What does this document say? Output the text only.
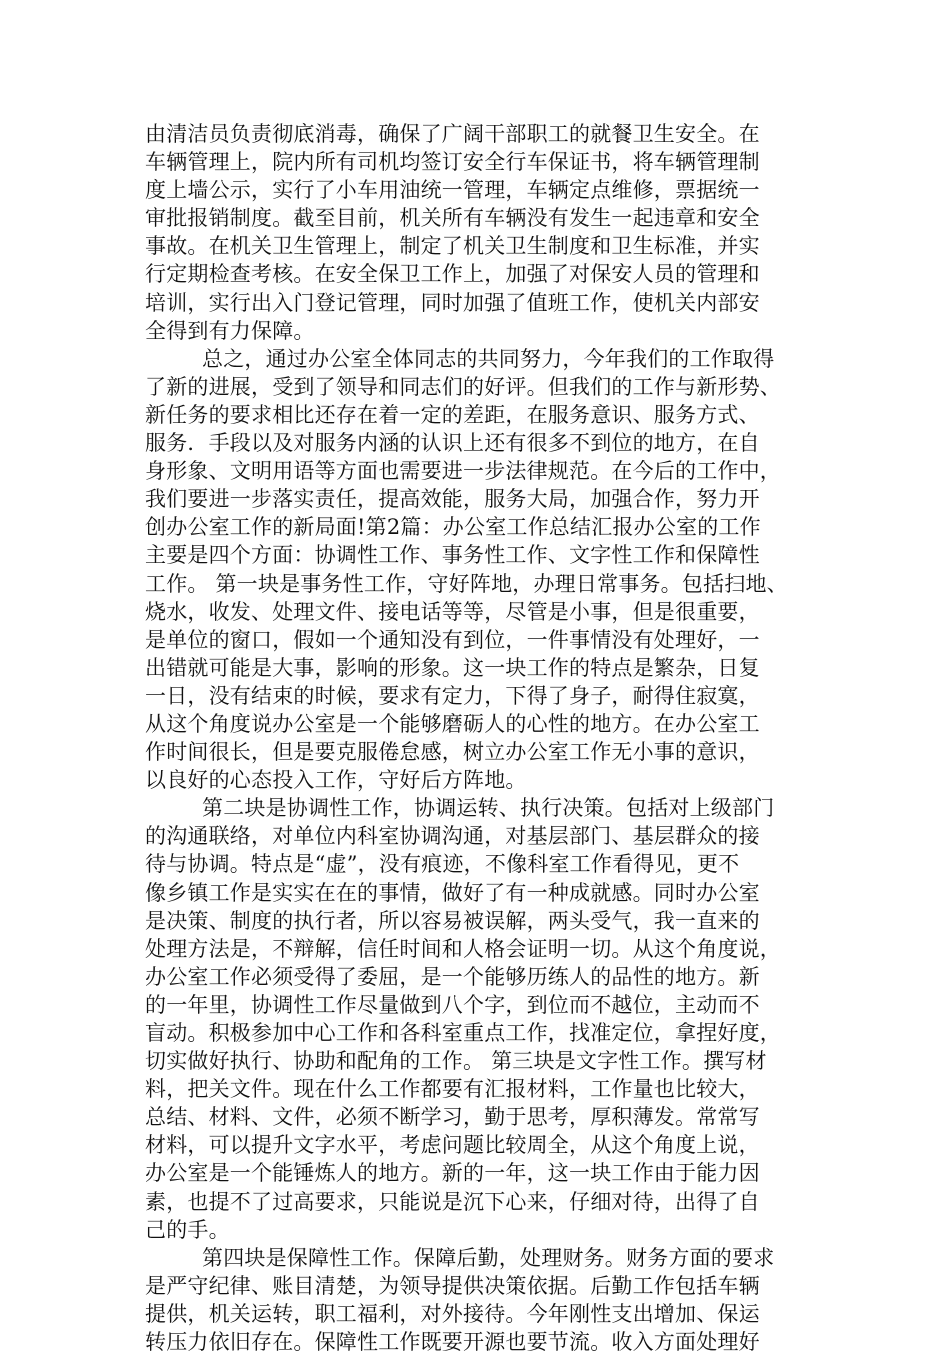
由清洁员负责彻底消毒，确保了广阔干部职工的就餐卫生安全。在
车辆管理上，院内所有司机均签订安全行车保证书，将车辆管理制
度上墙公示，实行了小车用油统一管理，车辆定点维修，票据统一
审批报销制度。截至目前，机关所有车辆没有发生一起违章和安全
事故。在机关卫生管理上，制定了机关卫生制度和卫生标准，并实
行定期检查考核。在安全保卫工作上，加强了对保安人员的管理和
培训，实行出入门登记管理，同时加强了值班工作，使机关内部安
全得到有力保障。
总之，通过办公室全体同志的共同努力，今年我们的工作取得
了新的进展，受到了领导和同志们的好评。但我们的工作与新形势、
新任务的要求相比还存在着一定的差距，在服务意识、服务方式、
服务．手段以及对服务内涵的认识上还有很多不到位的地方，在自
身形象、文明用语等方面也需要进一步法律规范。在今后的工作中，
我们要进一步落实责任，提高效能，服务大局，加强合作，努力开
创办公室工作的新局面!第2篇：办公室工作总结汇报办公室的工作
主要是四个方面：协调性工作、事务性工作、文字性工作和保障性
工作。 第一块是事务性工作，守好阵地，办理日常事务。包括扫地、
烧水，收发、处理文件、接电话等等，尽管是小事，但是很重要，
是单位的窗口，假如一个通知没有到位，一件事情没有处理好，一
出错就可能是大事，影响的形象。这一块工作的特点是繁杂，日复
一日，没有结束的时候，要求有定力，下得了身子，耐得住寂寞，
从这个角度说办公室是一个能够磨砺人的心性的地方。在办公室工
作时间很长，但是要克服倦怠感，树立办公室工作无小事的意识，
以良好的心态投入工作，守好后方阵地。
第二块是协调性工作，协调运转、执行决策。包括对上级部门
的沟通联络，对单位内科室协调沟通，对基层部门、基层群众的接
待与协调。特点是“虚”，没有痕迹，不像科室工作看得见，更不
像乡镇工作是实实在在的事情，做好了有一种成就感。同时办公室
是决策、制度的执行者，所以容易被误解，两头受气，我一直来的
处理方法是，不辩解，信任时间和人格会证明一切。从这个角度说，
办公室工作必须受得了委屈，是一个能够历练人的品性的地方。新
的一年里，协调性工作尽量做到八个字，到位而不越位，主动而不
盲动。积极参加中心工作和各科室重点工作，找准定位，拿捏好度，
切实做好执行、协助和配角的工作。 第三块是文字性工作。撰写材
料，把关文件。现在什么工作都要有汇报材料，工作量也比较大，
总结、材料、文件，必须不断学习，勤于思考，厚积薄发。常常写
材料，可以提升文字水平，考虑问题比较周全，从这个角度上说，
办公室是一个能锤炼人的地方。新的一年，这一块工作由于能力因
素，也提不了过高要求，只能说是沉下心来，仔细对待，出得了自
己的手。
第四块是保障性工作。保障后勤，处理财务。财务方面的要求
是严守纪律、账目清楚，为领导提供决策依据。后勤工作包括车辆
提供，机关运转，职工福利，对外接待。今年刚性支出增加、保运
转压力依旧存在。保障性工作既要开源也要节流。收入方面处理好
